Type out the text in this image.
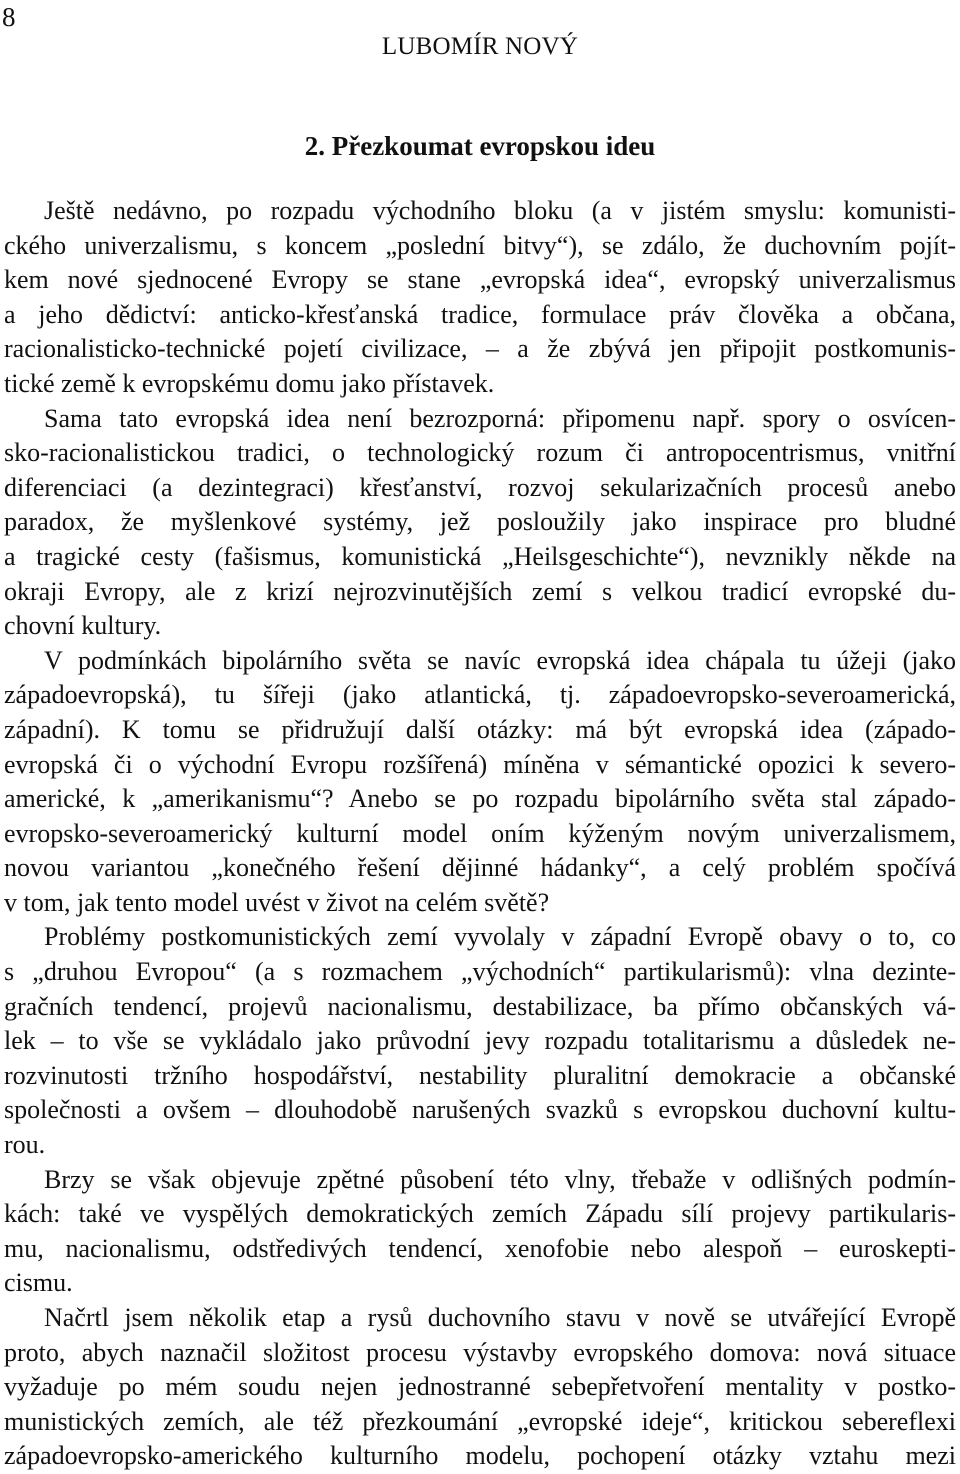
8
LUBOMÍR NOVÝ
2. Přezkoumat evropskou ideu
Ještě nedávno, po rozpadu východního bloku (a v jistém smyslu: komunisti-
ckého univerzalismu, s koncem „poslední bitvy“), se zdálo, že duchovním pojít-
kem nové sjednocené Evropy se stane „evropská idea“, evropský univerzalismus
a jeho dědictví: anticko-křesťanská tradice, formulace práv člověka a občana,
racionalisticko-technické pojetí civilizace, – a že zbývá jen připojit postkomunis-
tické země k evropskému domu jako přístavek.
Sama tato evropská idea není bezrozporná: připomenu např. spory o osvícen-
sko-racionalistickou tradici, o technologický rozum či antropocentrismus, vnitřní
diferenciaci (a dezintegraci) křesťanství, rozvoj sekularizačních procesů anebo
paradox, že myšlenkové systémy, jež posloužily jako inspirace pro bludné
a tragické cesty (fašismus, komunistická „Heilsgeschichte“), nevznikly někde na
okraji Evropy, ale z krizí nejrozvinutějších zemí s velkou tradicí evropské du-
chovní kultury.
V podmínkách bipolárního světa se navíc evropská idea chápala tu úžeji (jako
západoevropská), tu šířeji (jako atlantická, tj. západoevropsko-severoamerická,
západní). K tomu se přidružují další otázky: má být evropská idea (západo-
evropská či o východní Evropu rozšířená) míněna v sémantické opozici k severo-
americké, k „amerikanismu“? Anebo se po rozpadu bipolárního světa stal západo-
evropsko-severoamerický kulturní model oním kýženým novým univerzalismem,
novou variantou „konečného řešení dějinné hádanky“, a celý problém spočívá
v tom, jak tento model uvést v život na celém světě?
Problémy postkomunistických zemí vyvolaly v západní Evropě obavy o to, co
s „druhou Evropou“ (a s rozmachem „východních“ partikularismů): vlna dezinte-
gračních tendencí, projevů nacionalismu, destabilizace, ba přímo občanských vá-
lek – to vše se vykládalo jako průvodní jevy rozpadu totalitarismu a důsledek ne-
rozvinutosti tržního hospodářství, nestability pluralitní demokracie a občanské
společnosti a ovšem – dlouhodobě narušených svazků s evropskou duchovní kultu-
rou.
Brzy se však objevuje zpětné působení této vlny, třebaže v odlišných podmín-
kách: také ve vyspělých demokratických zemích Západu sílí projevy partikularis-
mu, nacionalismu, odstředivých tendencí, xenofobie nebo alespoň – euroskepti-
cismu.
Načrtl jsem několik etap a rysů duchovního stavu v nově se utvářející Evropě
proto, abych naznačil složitost procesu výstavby evropského domova: nová situace
vyžaduje po mém soudu nejen jednostranné sebepřetvoření mentality v postko-
munistických zemích, ale též přezkoumání „evropské ideje“, kritickou sebereflexi
západoevropsko-amerického kulturního modelu, pochopení otázky vztahu mezi
